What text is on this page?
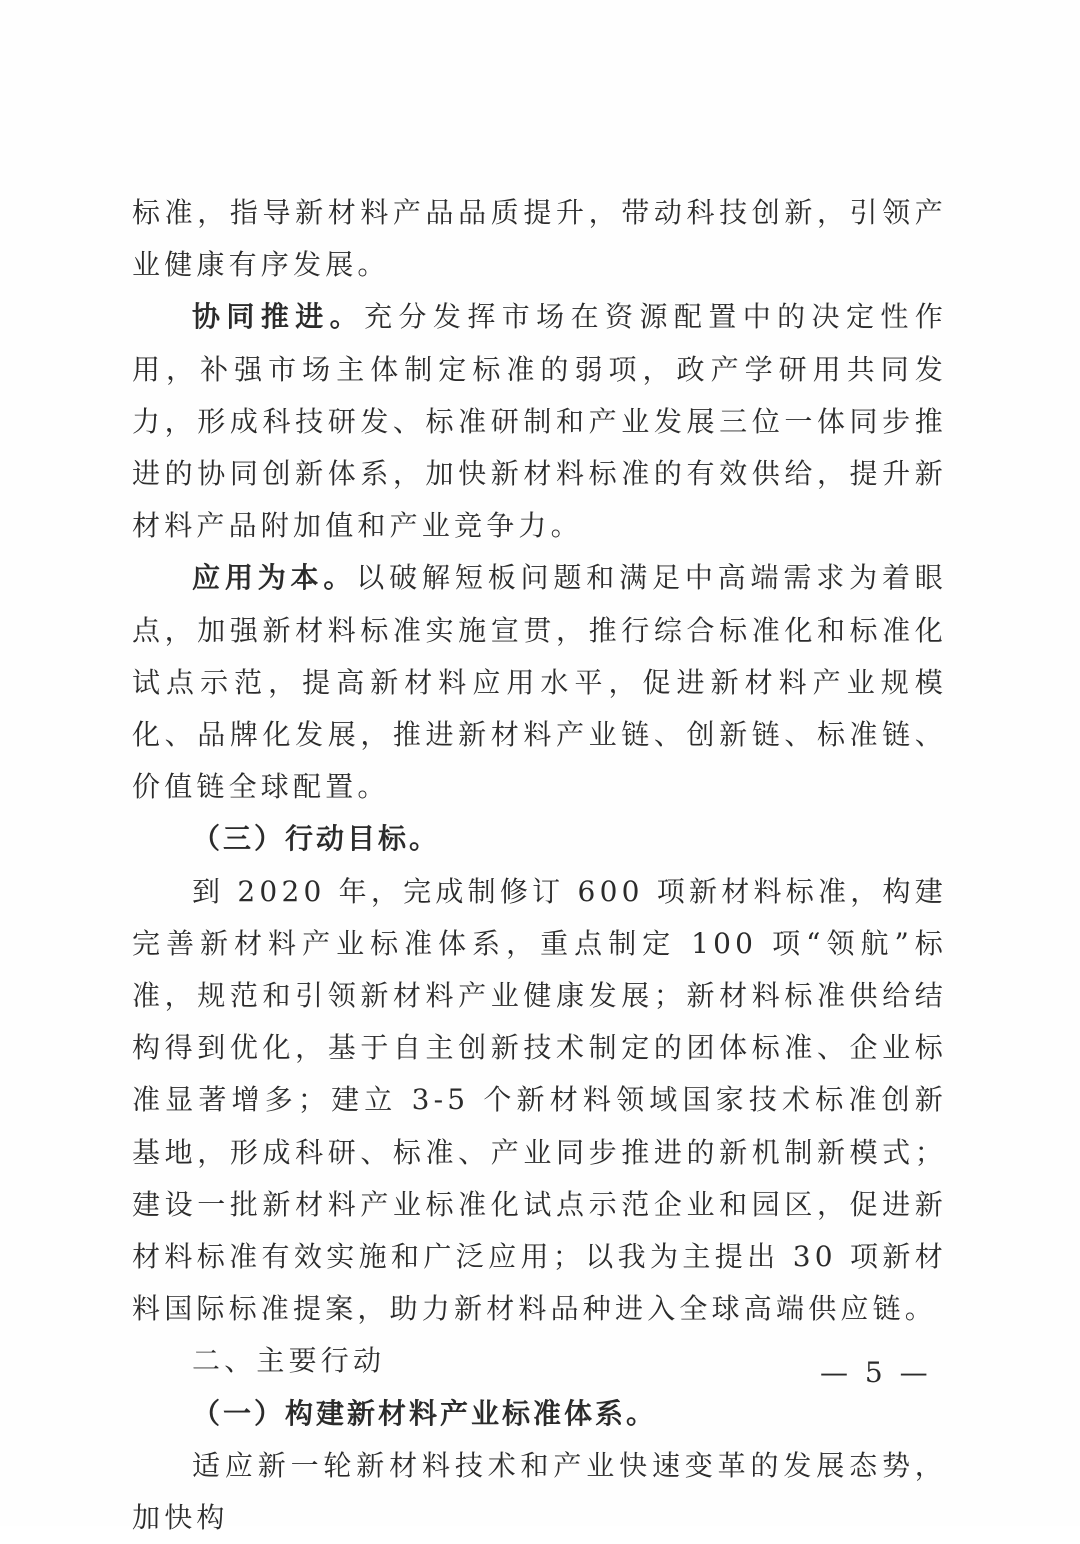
标准，指导新材料产品品质提升，带动科技创新，引领产业健康有序发展。

协同推进。充分发挥市场在资源配置中的决定性作用，补强市场主体制定标准的弱项，政产学研用共同发力，形成科技研发、标准研制和产业发展三位一体同步推进的协同创新体系，加快新材料标准的有效供给，提升新材料产品附加值和产业竞争力。

应用为本。以破解短板问题和满足中高端需求为着眼点，加强新材料标准实施宣贯，推行综合标准化和标准化试点示范，提高新材料应用水平，促进新材料产业规模化、品牌化发展，推进新材料产业链、创新链、标准链、价值链全球配置。

（三）行动目标。

到 2020 年，完成制修订 600 项新材料标准，构建完善新材料产业标准体系，重点制定 100 项“领航”标准，规范和引领新材料产业健康发展；新材料标准供给结构得到优化，基于自主创新技术制定的团体标准、企业标准显著增多；建立 3-5 个新材料领域国家技术标准创新基地，形成科研、标准、产业同步推进的新机制新模式；建设一批新材料产业标准化试点示范企业和园区，促进新材料标准有效实施和广泛应用；以我为主提出 30 项新材料国际标准提案，助力新材料品种进入全球高端供应链。

二、主要行动

（一）构建新材料产业标准体系。

适应新一轮新材料技术和产业快速变革的发展态势，加快构

— 5 —
